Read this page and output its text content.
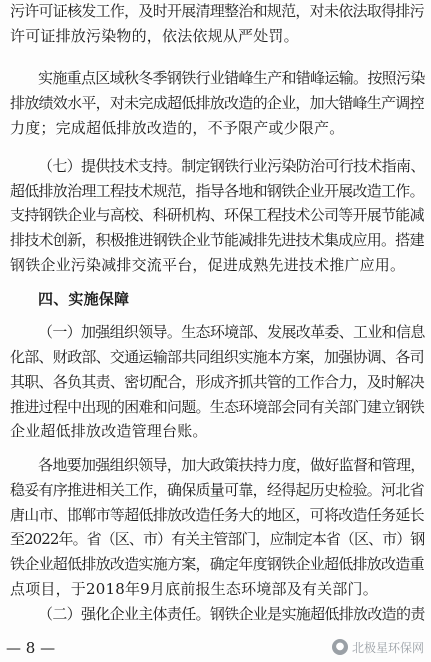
污许可证核发工作，及时开展清理整治和规范，对未依法取得排污
许可证排放污染物的，依法依规从严处罚。
实施重点区域秋冬季钢铁行业错峰生产和错峰运输。按照污染
排放绩效水平，对未完成超低排放改造的企业，加大错峰生产调控
力度；完成超低排放改造的，不予限产或少限产。
（七）提供技术支持。制定钢铁行业污染防治可行技术指南、
超低排放治理工程技术规范，指导各地和钢铁企业开展改造工作。
支持钢铁企业与高校、科研机构、环保工程技术公司等开展节能减
排技术创新，积极推进钢铁企业节能减排先进技术集成应用。搭建
钢铁企业污染减排交流平台，促进成熟先进技术推广应用。
四、实施保障
（一）加强组织领导。生态环境部、发展改革委、工业和信息
化部、财政部、交通运输部共同组织实施本方案，加强协调、各司
其职、各负其责、密切配合，形成齐抓共管的工作合力，及时解决
推进过程中出现的困难和问题。生态环境部会同有关部门建立钢铁
企业超低排放改造管理台账。
各地要加强组织领导，加大政策扶持力度，做好监督和管理，
稳妥有序推进相关工作，确保质量可靠，经得起历史检验。河北省
唐山市、邯郸市等超低排放改造任务大的地区，可将改造任务延长
至2022年。省（区、市）有关主管部门，应制定本省（区、市）钢
铁企业超低排放改造实施方案，确定年度钢铁企业超低排放改造重
点项目，于2018年9月底前报生态环境部及有关部门。
（二）强化企业主体责任。钢铁企业是实施超低排放改造的责
— 8 —	● 北极星环保网
